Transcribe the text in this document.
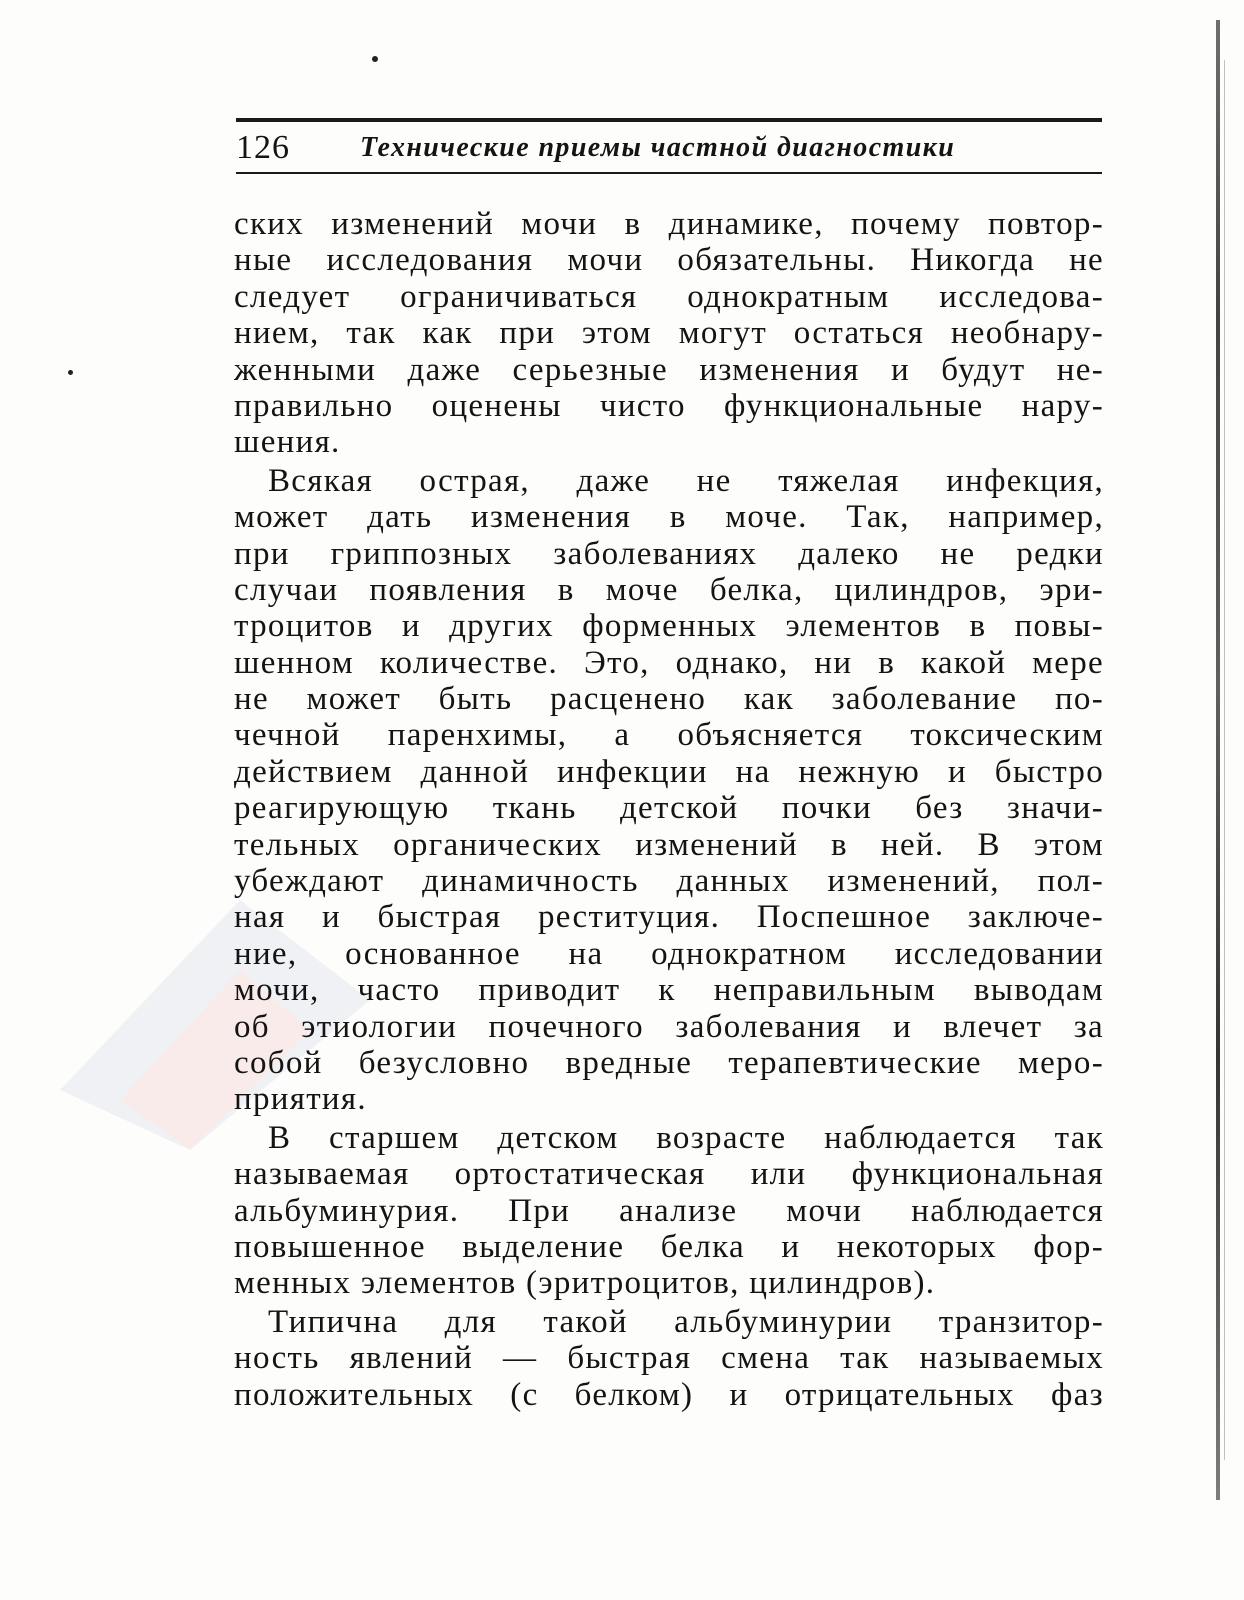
126	Технические приемы частной диагностики
ских изменений мочи в динамике, почему повтор-
ные исследования мочи обязательны. Никогда не
следует ограничиваться однократным исследова-
нием, так как при этом могут остаться необнару-
женными даже серьезные изменения и будут не-
правильно оценены чисто функциональные нару-
шения.
Всякая острая, даже не тяжелая инфекция,
может дать изменения в моче. Так, например,
при гриппозных заболеваниях далеко не редки
случаи появления в моче белка, цилиндров, эри-
троцитов и других форменных элементов в повы-
шенном количестве. Это, однако, ни в какой мере
не может быть расценено как заболевание по-
чечной паренхимы, а объясняется токсическим
действием данной инфекции на нежную и быстро
реагирующую ткань детской почки без значи-
тельных органических изменений в ней. В этом
убеждают динамичность данных изменений, пол-
ная и быстрая реституция. Поспешное заключе-
ние, основанное на однократном исследовании
мочи, часто приводит к неправильным выводам
об этиологии почечного заболевания и влечет за
собой безусловно вредные терапевтические меро-
приятия.
В старшем детском возрасте наблюдается так
называемая ортостатическая или функциональная
альбуминурия. При анализе мочи наблюдается
повышенное выделение белка и некоторых фор-
менных элементов (эритроцитов, цилиндров).
Типична для такой альбуминурии транзитор-
ность явлений — быстрая смена так называемых
положительных (с белком) и отрицательных фаз
